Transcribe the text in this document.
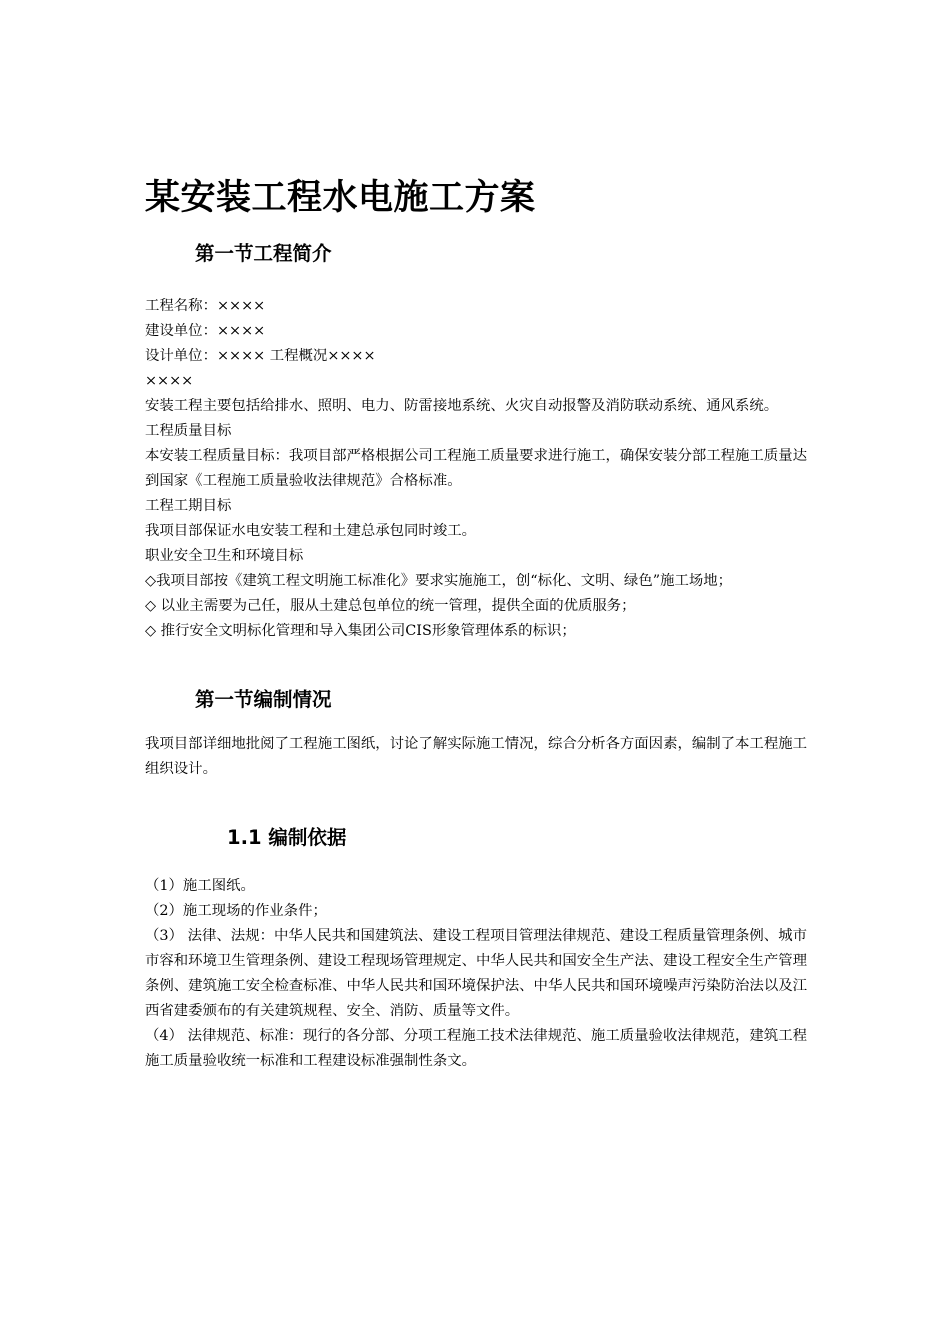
某安装工程水电施工方案
第一节工程简介

工程名称：××××

建设单位：××××

设计单位：×××× 工程概况××××

××××

安装工程主要包括给排水、照明、电力、防雷接地系统、火灾自动报警及消防联动系统、通风系统。

工程质量目标

本安装工程质量目标：我项目部严格根据公司工程施工质量要求进行施工，确保安装分部工程施工质量达到国家《工程施工质量验收法律规范》合格标准。

工程工期目标

我项目部保证水电安装工程和土建总承包同时竣工。

职业安全卫生和环境目标

◇我项目部按《建筑工程文明施工标准化》要求实施施工，创“标化、文明、绿色”施工场地；

◇ 以业主需要为己任，服从土建总包单位的统一管理，提供全面的优质服务；

◇ 推行安全文明标化管理和导入集团公司CIS形象管理体系的标识；

第一节编制情况

我项目部详细地批阅了工程施工图纸，讨论了解实际施工情况，综合分析各方面因素，编制了本工程施工组织设计。

1.1 编制依据

（1）施工图纸。

（2）施工现场的作业条件；

（3） 法律、法规：中华人民共和国建筑法、建设工程项目管理法律规范、建设工程质量管理条例、城市市容和环境卫生管理条例、建设工程现场管理规定、中华人民共和国安全生产法、建设工程安全生产管理条例、建筑施工安全检查标准、中华人民共和国环境保护法、中华人民共和国环境噪声污染防治法以及江西省建委颁布的有关建筑规程、安全、消防、质量等文件。

（4） 法律规范、标准：现行的各分部、分项工程施工技术法律规范、施工质量验收法律规范，建筑工程施工质量验收统一标准和工程建设标准强制性条文。
